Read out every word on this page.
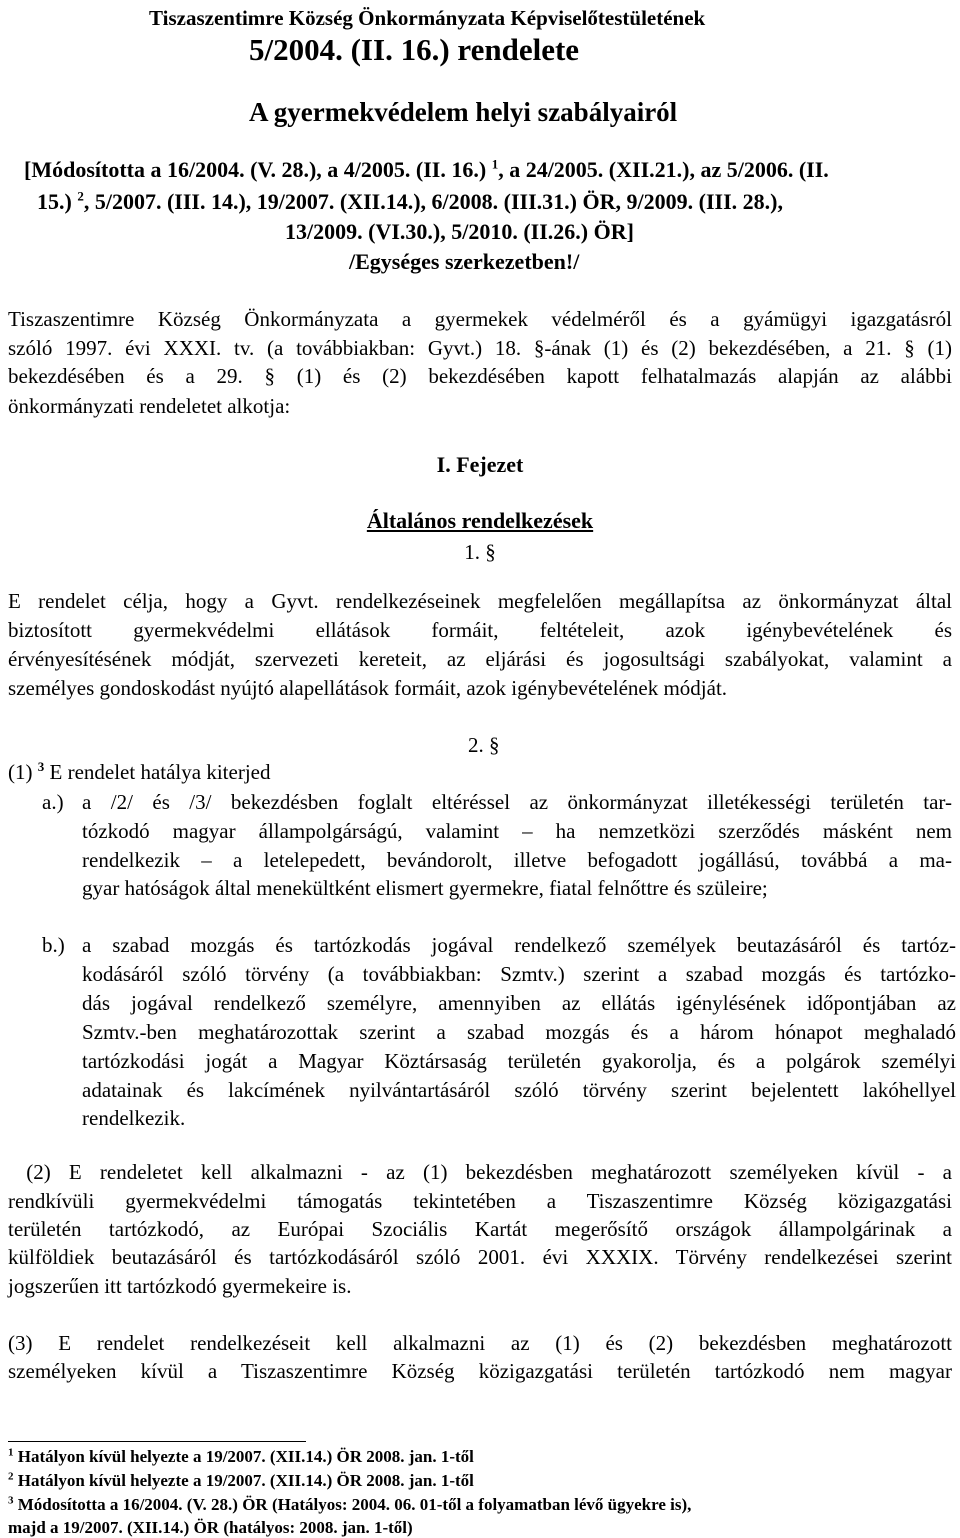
Tiszaszentimre Község Önkormányzata Képviselőtestületének
5/2004. (II. 16.) rendelete
A gyermekvédelem helyi szabályairól
[Módosította a 16/2004. (V. 28.), a 4/2005. (II. 16.) $^1$, a 24/2005. (XII.21.), az 5/2006. (II.
15.) $^2$, 5/2007. (III. 14.), 19/2007. (XII.14.), 6/2008. (III.31.) ÖR, 9/2009. (III. 28.),
13/2009. (VI.30.), 5/2010. (II.26.) ÖR]
/Egységes szerkezetben!/
Tiszaszentimre Község Önkormányzata a gyermekek védelméről és a gyámügyi igazgatásról
szóló 1997. évi XXXI. tv. (a továbbiakban: Gyvt.) 18. §-ának (1) és (2) bekezdésében, a 21. § (1)
bekezdésében és a 29. § (1) és (2) bekezdésében kapott felhatalmazás alapján az alábbi
önkormányzati rendeletet alkotja:
I. Fejezet
Általános rendelkezések
1. §
E rendelet célja, hogy a Gyvt. rendelkezéseinek megfelelően megállapítsa az önkormányzat által
biztosított gyermekvédelmi ellátások formáit, feltételeit, azok igénybevételének és
érvényesítésének módját, szervezeti kereteit, az eljárási és jogosultsági szabályokat, valamint a
személyes gondoskodást nyújtó alapellátások formáit, azok igénybevételének módját.
2. §
(1) $^3$ E rendelet hatálya kiterjed
a.) a /2/ és /3/ bekezdésben foglalt eltéréssel az önkormányzat illetékességi területén tar-
tózkodó magyar állampolgárságú, valamint – ha nemzetközi szerződés másként nem
rendelkezik – a letelepedett, bevándorolt, illetve befogadott jogállású, továbbá a ma-
gyar hatóságok által menekültként elismert gyermekre, fiatal felnőttre és szüleire;
b.) a szabad mozgás és tartózkodás jogával rendelkező személyek beutazásáról és tartóz-
kodásáról szóló törvény (a továbbiakban: Szmtv.) szerint a szabad mozgás és tartózko-
dás jogával rendelkező személyre, amennyiben az ellátás igénylésének időpontjában az
Szmtv.-ben meghatározottak szerint a szabad mozgás és a három hónapot meghaladó
tartózkodási jogát a Magyar Köztársaság területén gyakorolja, és a polgárok személyi
adatainak és lakcímének nyilvántartásáról szóló törvény szerint bejelentett lakóhellyel
rendelkezik.
(2) E rendeletet kell alkalmazni - az (1) bekezdésben meghatározott személyeken kívül - a
rendkívüli gyermekvédelmi támogatás tekintetében a Tiszaszentimre Község közigazgatási
területén tartózkodó, az Európai Szociális Kartát megerősítő országok állampolgárinak a
külföldiek beutazásáról és tartózkodásáról szóló 2001. évi XXXIX. Törvény rendelkezései szerint
jogszerűen itt tartózkodó gyermekeire is.
(3) E rendelet rendelkezéseit kell alkalmazni az (1) és (2) bekezdésben meghatározott
személyeken kívül a Tiszaszentimre Község közigazgatási területén tartózkodó nem magyar
$^1$ Hatályon kívül helyezte a 19/2007. (XII.14.) ÖR 2008. jan. 1-től
$^2$ Hatályon kívül helyezte a 19/2007. (XII.14.) ÖR 2008. jan. 1-től
$^3$ Módosította a 16/2004. (V. 28.) ÖR (Hatályos: 2004. 06. 01-től a folyamatban lévő ügyekre is),
majd a 19/2007. (XII.14.) ÖR (hatályos: 2008. jan. 1-től)
